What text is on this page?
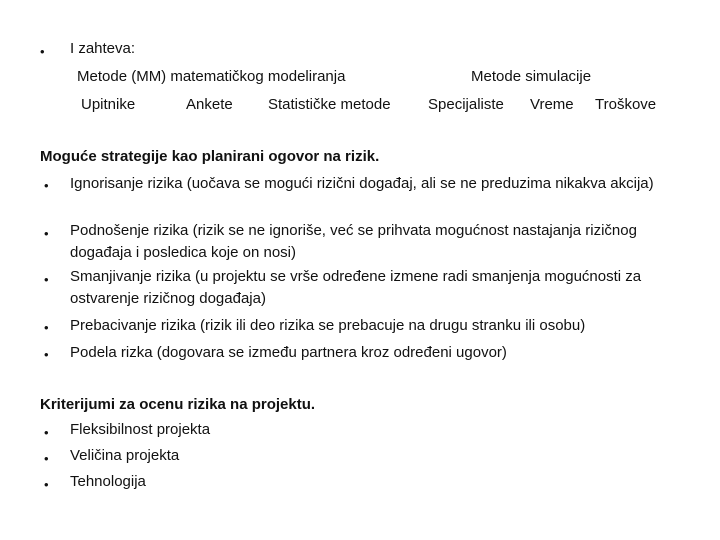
• I zahteva:
Metode (MM) matematičkog modeliranja	Metode simulacije
Upitnike	Ankete Statističke metode Specijaliste Vreme Troškove
Moguće strategije kao planirani ogovor na rizik.
• Ignorisanje rizika (uočava se mogući rizični događaj, ali se ne preduzima nikakva akcija)
• Podnošenje rizika (rizik se ne ignoriše, već se prihvata mogućnost nastajanja rizičnog događaja i posledica koje on nosi)
• Smanjivanje rizika (u projektu se vrše određene izmene radi smanjenja mogućnosti za ostvarenje rizičnog događaja)
• Prebacivanje rizika (rizik ili deo rizika se prebacuje na drugu stranku ili osobu)
• Podela rizka (dogovara se između partnera kroz određeni ugovor)
Kriterijumi za ocenu rizika na projektu.
• Fleksibilnost projekta
• Veličina projekta
• Tehnologija
